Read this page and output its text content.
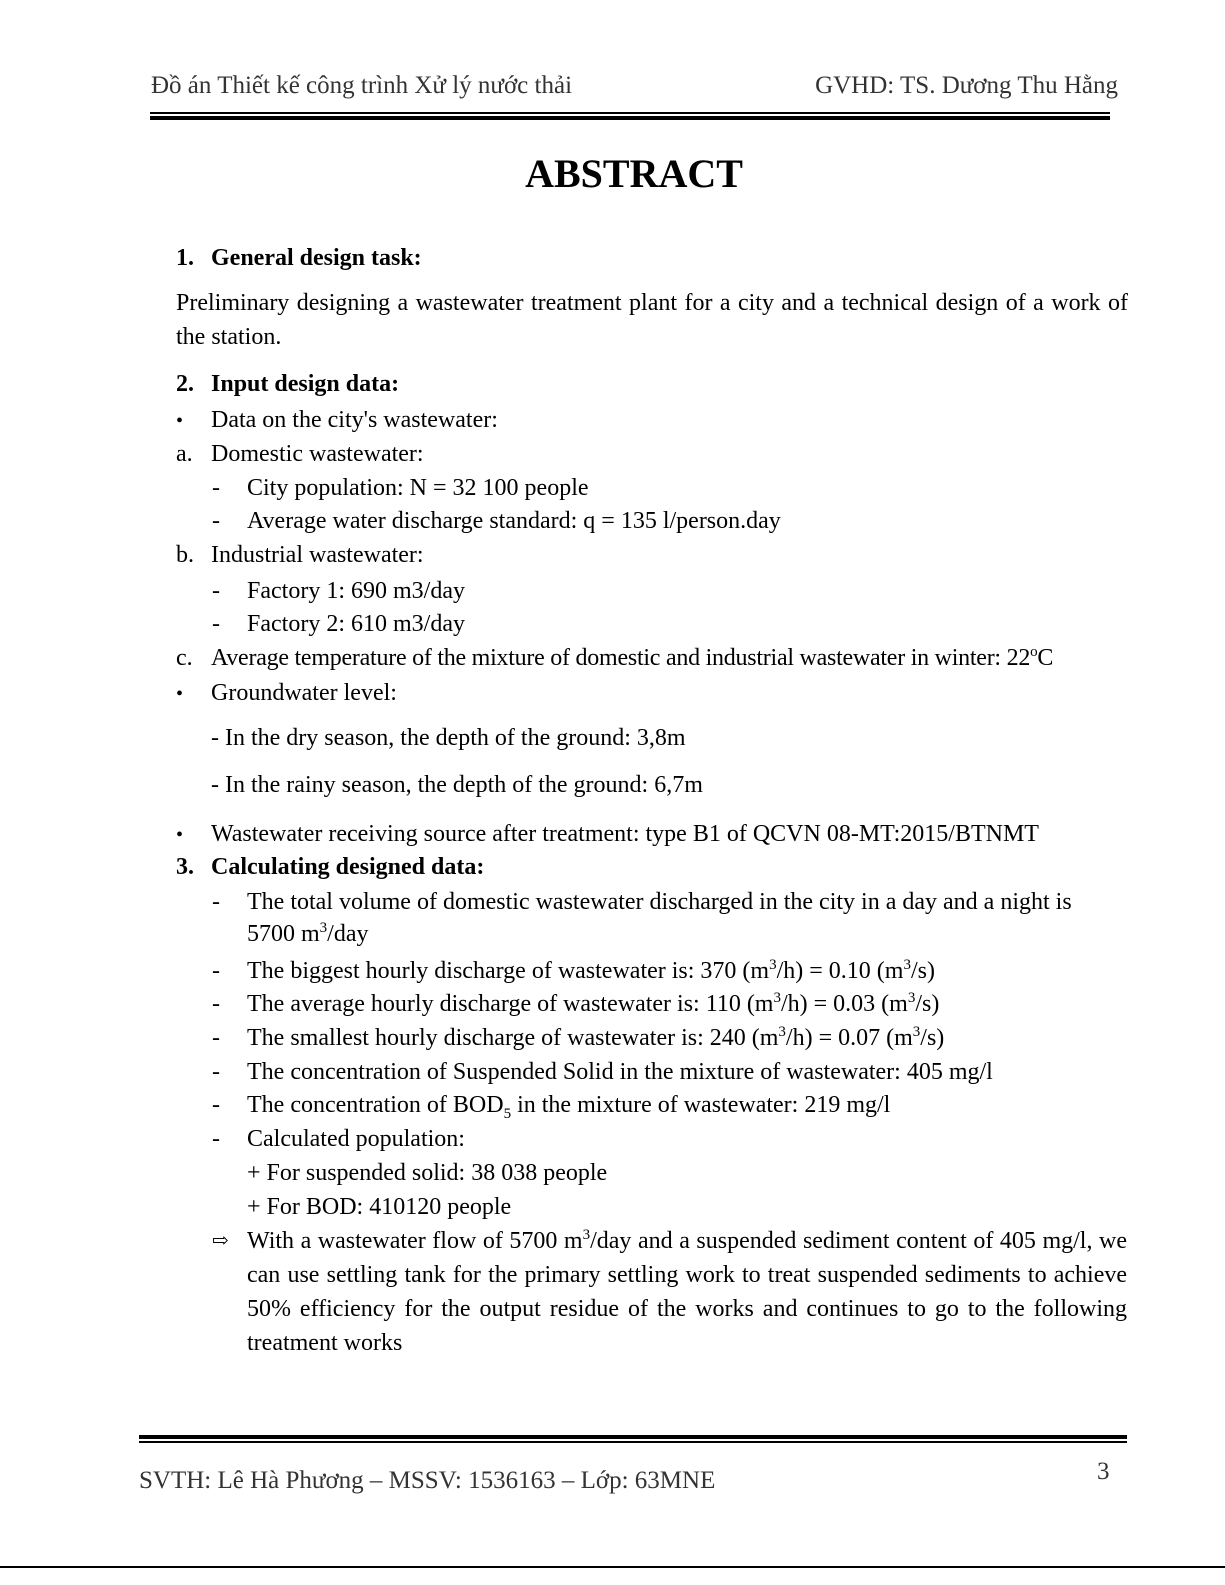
Đồ án Thiết kế công trình Xử lý nước thải	GVHD: TS. Dương Thu Hằng
ABSTRACT
1. General design task:
Preliminary designing a wastewater treatment plant for a city and a technical design of a work of the station.
2. Input design data:
• Data on the city's wastewater:
a. Domestic wastewater:
- City population: N = 32 100 people
- Average water discharge standard: q = 135 l/person.day
b. Industrial wastewater:
- Factory 1: 690 m3/day
- Factory 2: 610 m3/day
c. Average temperature of the mixture of domestic and industrial wastewater in winter: 22$^o$C
• Groundwater level:
- In the dry season, the depth of the ground: 3,8m
- In the rainy season, the depth of the ground: 6,7m
• Wastewater receiving source after treatment: type B1 of QCVN 08-MT:2015/BTNMT
3. Calculating designed data:
- The total volume of domestic wastewater discharged in the city in a day and a night is
5700 $m^3$/day
- The biggest hourly discharge of wastewater is: 370 $(m^3/h) = 0.10$ $(m^3/s)$
- The average hourly discharge of wastewater is: 110 $(m^3/h) = 0.03$ $(m^3/s)$
- The smallest hourly discharge of wastewater is: 240 $(m^3/h) = 0.07$ $(m^3/s)$
- The concentration of Suspended Solid in the mixture of wastewater: 405 mg/l
- The concentration of $BOD_5$ in the mixture of wastewater: 219 mg/l
- Calculated population:
+ For suspended solid: 38 038 people
+ For BOD: 410120 people
⇨ With a wastewater flow of 5700 $m^3$/day and a suspended sediment content of 405 mg/l, we can use settling tank for the primary settling work to treat suspended sediments to achieve 50% efficiency for the output residue of the works and continues to go to the following treatment works
SVTH: Lê Hà Phương – MSSV: 1536163 – Lớp: 63MNE	3
